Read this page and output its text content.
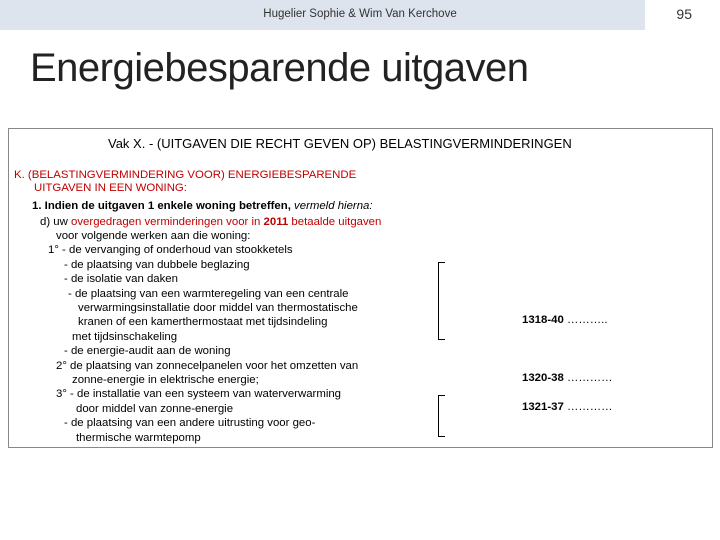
Hugelier Sophie & Wim Van Kerchove	95
Energiebesparende uitgaven
Vak X. - (UITGAVEN DIE RECHT GEVEN OP) BELASTINGVERMINDERINGEN
K. (BELASTINGVERMINDERING VOOR) ENERGIEBESPARENDE
UITGAVEN IN EEN WONING:
1. Indien de uitgaven 1 enkele woning betreffen, vermeld hierna:
d) uw overgedragen verminderingen voor in 2011 betaalde uitgaven
voor volgende werken aan die woning:
1° - de vervanging of onderhoud van stookketels
- de plaatsing van dubbele beglazing
- de isolatie van daken
- de plaatsing van een warmteregeling van een centrale
verwarmingsinstallatie door middel van thermostatische
kranen of een kamerthermostaat met tijdsindeling
met tijdsinschakeling
- de energie-audit aan de woning
2° de plaatsing van zonnecelpanelen voor het omzetten van
zonne-energie in elektrische energie;
3° - de installatie van een systeem van waterverwarming
door middel van zonne-energie
- de plaatsing van een andere uitrusting voor geo-
thermische warmtepomp
1318-40 ………..
1320-38 …………
1321-37 …………
